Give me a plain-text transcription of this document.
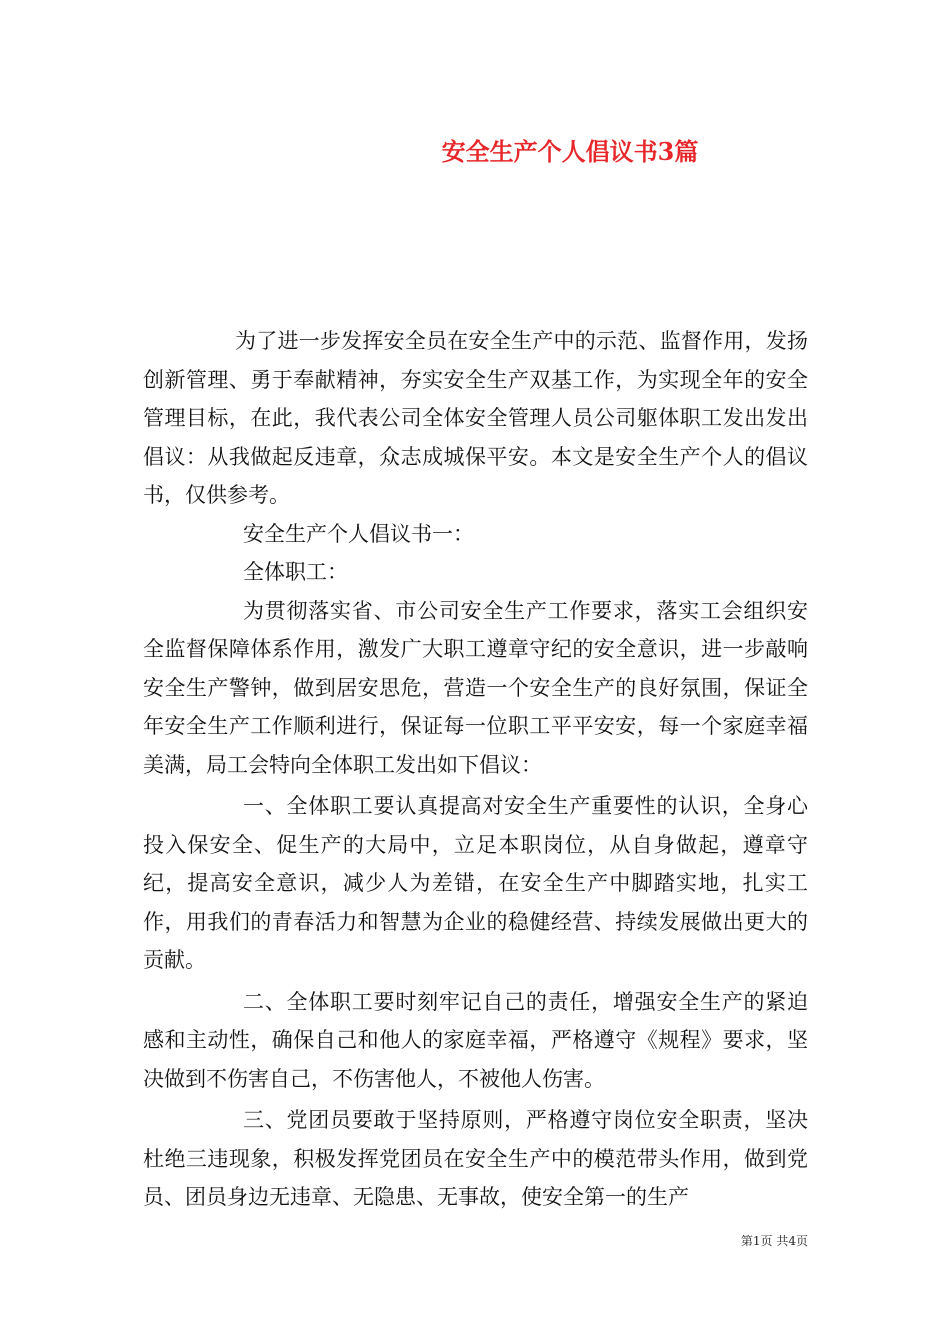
安全生产个人倡议书3篇

为了进一步发挥安全员在安全生产中的示范、监督作用，发扬创新管理、勇于奉献精神，夯实安全生产双基工作，为实现全年的安全管理目标，在此，我代表公司全体安全管理人员公司躯体职工发出发出倡议：从我做起反违章，众志成城保平安。本文是安全生产个人的倡议书，仅供参考。

安全生产个人倡议书一：

全体职工：

为贯彻落实省、市公司安全生产工作要求，落实工会组织安全监督保障体系作用，激发广大职工遵章守纪的安全意识，进一步敲响安全生产警钟，做到居安思危，营造一个安全生产的良好氛围，保证全年安全生产工作顺利进行，保证每一位职工平平安安，每一个家庭幸福美满，局工会特向全体职工发出如下倡议：

一、全体职工要认真提高对安全生产重要性的认识，全身心投入保安全、促生产的大局中，立足本职岗位，从自身做起，遵章守纪，提高安全意识，减少人为差错，在安全生产中脚踏实地，扎实工作，用我们的青春活力和智慧为企业的稳健经营、持续发展做出更大的贡献。

二、全体职工要时刻牢记自己的责任，增强安全生产的紧迫感和主动性，确保自己和他人的家庭幸福，严格遵守《规程》要求，坚决做到不伤害自己，不伤害他人，不被他人伤害。

三、党团员要敢于坚持原则，严格遵守岗位安全职责，坚决杜绝三违现象，积极发挥党团员在安全生产中的模范带头作用，做到党员、团员身边无违章、无隐患、无事故，使安全第一的生产

第1页 共4页
